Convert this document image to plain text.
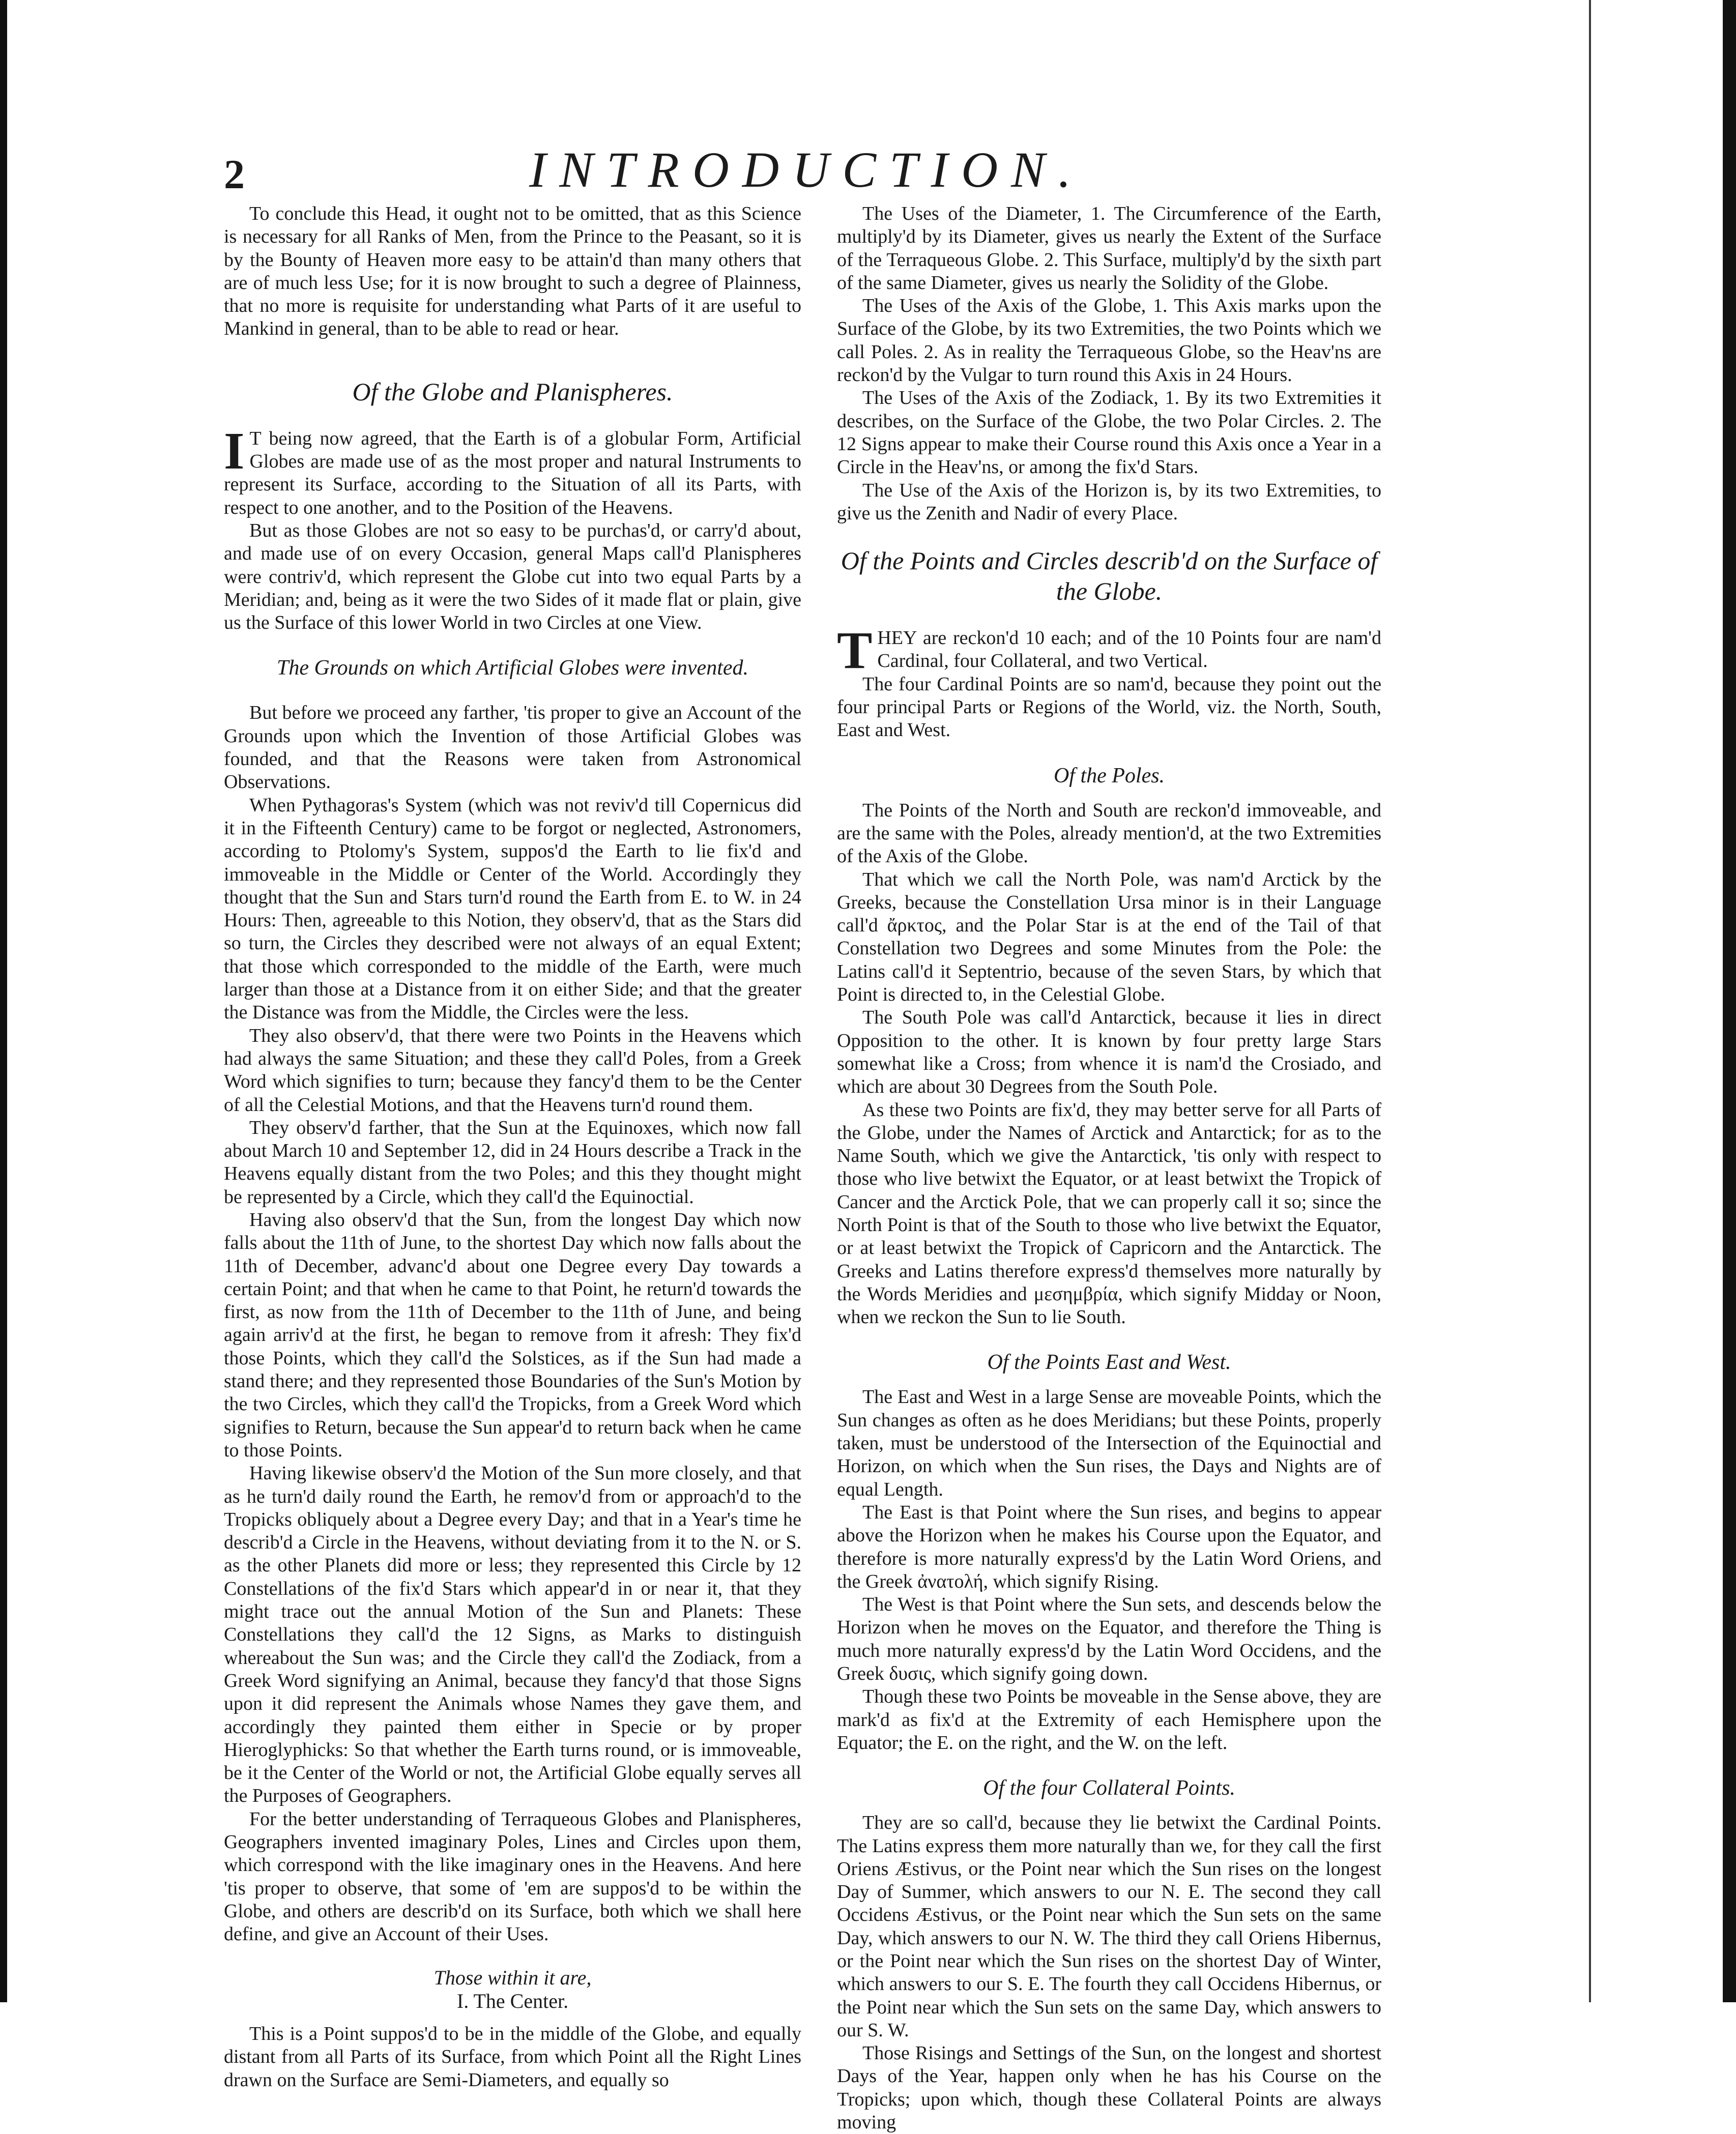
2	INTRODUCTION.

To conclude this Head, it ought not to be omitted, that as this Science is necessary for all Ranks of Men, from the Prince to the Peasant, so it is by the Bounty of Heaven more easy to be attain'd than many others that are of much less Use; for it is now brought to such a degree of Plainness, that no more is requisite for understanding what Parts of it are useful to Mankind in general, than to be able to read or hear.

Of the Globe and Planispheres.

I T being now agreed, that the Earth is of a globular Form, Artificial Globes are made use of as the most proper and natural Instruments to represent its Surface, according to the Situation of all its Parts, with respect to one another, and to the Position of the Heavens.

But as those Globes are not so easy to be purchas'd, or carry'd about, and made use of on every Occasion, general Maps call'd Planispheres were contriv'd, which represent the Globe cut into two equal Parts by a Meridian; and, being as it were the two Sides of it made flat or plain, give us the Surface of this lower World in two Circles at one View.

The Grounds on which Artificial Globes were invented.

But before we proceed any farther, 'tis proper to give an Account of the Grounds upon which the Invention of those Artificial Globes was founded, and that the Reasons were taken from Astronomical Observations.

When Pythagoras's System (which was not reviv'd till Copernicus did it in the Fifteenth Century) came to be forgot or neglected, Astronomers, according to Ptolomy's System, suppos'd the Earth to lie fix'd and immoveable in the Middle or Center of the World. Accordingly they thought that the Sun and Stars turn'd round the Earth from E. to W. in 24 Hours: Then, agreeable to this Notion, they observ'd, that as the Stars did so turn, the Circles they described were not always of an equal Extent; that those which corresponded to the middle of the Earth, were much larger than those at a Distance from it on either Side; and that the greater the Distance was from the Middle, the Circles were the less.

They also observ'd, that there were two Points in the Heavens which had always the same Situation; and these they call'd Poles, from a Greek Word which signifies to turn; because they fancy'd them to be the Center of all the Celestial Motions, and that the Heavens turn'd round them.

They observ'd farther, that the Sun at the Equinoxes, which now fall about March 10 and September 12, did in 24 Hours describe a Track in the Heavens equally distant from the two Poles; and this they thought might be represented by a Circle, which they call'd the Equinoctial.

Having also observ'd that the Sun, from the longest Day which now falls about the 11th of June, to the shortest Day which now falls about the 11th of December, advanc'd about one Degree every Day towards a certain Point; and that when he came to that Point, he return'd towards the first, as now from the 11th of December to the 11th of June, and being again arriv'd at the first, he began to remove from it afresh: They fix'd those Points, which they call'd the Solstices, as if the Sun had made a stand there; and they represented those Boundaries of the Sun's Motion by the two Circles, which they call'd the Tropicks, from a Greek Word which signifies to Return, because the Sun appear'd to return back when he came to those Points.

Having likewise observ'd the Motion of the Sun more closely, and that as he turn'd daily round the Earth, he remov'd from or approach'd to the Tropicks obliquely about a Degree every Day; and that in a Year's time he describ'd a Circle in the Heavens, without deviating from it to the N. or S. as the other Planets did more or less; they represented this Circle by 12 Constellations of the fix'd Stars which appear'd in or near it, that they might trace out the annual Motion of the Sun and Planets: These Constellations they call'd the 12 Signs, as Marks to distinguish whereabout the Sun was; and the Circle they call'd the Zodiack, from a Greek Word signifying an Animal, because they fancy'd that those Signs upon it did represent the Animals whose Names they gave them, and accordingly they painted them either in Specie or by proper Hieroglyphicks: So that whether the Earth turns round, or is immoveable, be it the Center of the World or not, the Artificial Globe equally serves all the Purposes of Geographers.

For the better understanding of Terraqueous Globes and Planispheres, Geographers invented imaginary Poles, Lines and Circles upon them, which correspond with the like imaginary ones in the Heavens. And here 'tis proper to observe, that some of 'em are suppos'd to be within the Globe, and others are describ'd on its Surface, both which we shall here define, and give an Account of their Uses.

Those within it are,

I. The Center.

This is a Point suppos'd to be in the middle of the Globe, and equally distant from all Parts of its Surface, from which Point all the Right Lines drawn on the Surface are Semi-Diameters, and equally so

The Uses of the Diameter, 1. The Circumference of the Earth, multiply'd by its Diameter, gives us nearly the Extent of the Surface of the Terraqueous Globe. 2. This Surface, multiply'd by the sixth part of the same Diameter, gives us nearly the Solidity of the Globe.

The Uses of the Axis of the Globe, 1. This Axis marks upon the Surface of the Globe, by its two Extremities, the two Points which we call Poles. 2. As in reality the Terraqueous Globe, so the Heav'ns are reckon'd by the Vulgar to turn round this Axis in 24 Hours.

The Uses of the Axis of the Zodiack, 1. By its two Extremities it describes, on the Surface of the Globe, the two Polar Circles. 2. The 12 Signs appear to make their Course round this Axis once a Year in a Circle in the Heav'ns, or among the fix'd Stars.

The Use of the Axis of the Horizon is, by its two Extremities, to give us the Zenith and Nadir of every Place.

Of the Points and Circles describ'd on the Surface of the Globe.

THEY are reckon'd 10 each; and of the 10 Points four are nam'd Cardinal, four Collateral, and two Vertical.

The four Cardinal Points are so nam'd, because they point out the four principal Parts or Regions of the World, viz. the North, South, East and West.

Of the Poles.

The Points of the North and South are reckon'd immoveable, and are the same with the Poles, already mention'd, at the two Extremities of the Axis of the Globe.

That which we call the North Pole, was nam'd Arctick by the Greeks, because the Constellation Ursa minor is in their Language call'd ἄρκτος, and the Polar Star is at the end of the Tail of that Constellation two Degrees and some Minutes from the Pole: the Latins call'd it Septentrio, because of the seven Stars, by which that Point is directed to, in the Celestial Globe.

The South Pole was call'd Antarctick, because it lies in direct Opposition to the other. It is known by four pretty large Stars somewhat like a Cross; from whence it is nam'd the Crosiado, and which are about 30 Degrees from the South Pole.

As these two Points are fix'd, they may better serve for all Parts of the Globe, under the Names of Arctick and Antarctick; for as to the Name South, which we give the Antarctick, 'tis only with respect to those who live betwixt the Equator, or at least betwixt the Tropick of Cancer and the Arctick Pole, that we can properly call it so; since the North Point is that of the South to those who live betwixt the Equator, or at least betwixt the Tropick of Capricorn and the Antarctick. The Greeks and Latins therefore express'd themselves more naturally by the Words Meridies and μεσημβρία, which signify Midday or Noon, when we reckon the Sun to lie South.

Of the Points East and West.

The East and West in a large Sense are moveable Points, which the Sun changes as often as he does Meridians; but these Points, properly taken, must be understood of the Intersection of the Equinoctial and Horizon, on which when the Sun rises, the Days and Nights are of equal Length.

The East is that Point where the Sun rises, and begins to appear above the Horizon when he makes his Course upon the Equator, and therefore is more naturally express'd by the Latin Word Oriens, and the Greek ἀνατολή, which signify Rising.

The West is that Point where the Sun sets, and descends below the Horizon when he moves on the Equator, and therefore the Thing is much more naturally express'd by the Latin Word Occidens, and the Greek δυσις, which signify going down.

Though these two Points be moveable in the Sense above, they are mark'd as fix'd at the Extremity of each Hemisphere upon the Equator; the E. on the right, and the W. on the left.

Of the four Collateral Points.

They are so call'd, because they lie betwixt the Cardinal Points. The Latins express them more naturally than we, for they call the first Oriens Æstivus, or the Point near which the Sun rises on the longest Day of Summer, which answers to our N. E. The second they call Occidens Æstivus, or the Point near which the Sun sets on the same Day, which answers to our N. W. The third they call Oriens Hibernus, or the Point near which the Sun rises on the shortest Day of Winter, which answers to our S. E. The fourth they call Occidens Hibernus, or the Point near which the Sun sets on the same Day, which answers to our S. W.

Those Risings and Settings of the Sun, on the longest and shortest Days of the Year, happen only when he has his Course on the Tropicks; upon which, though these Collateral Points are always moving
